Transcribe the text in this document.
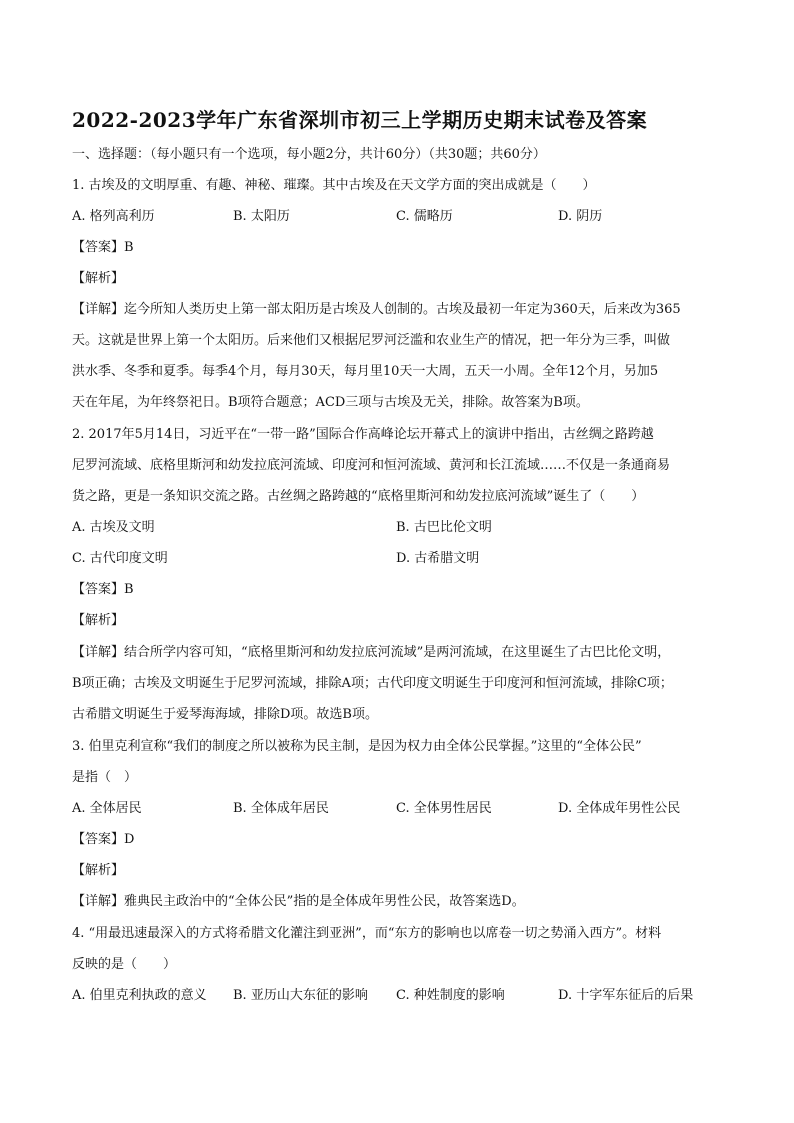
2022-2023学年广东省深圳市初三上学期历史期末试卷及答案
一、选择题：（每小题只有一个选项，每小题2分，共计60分）（共30题；共60分）
1. 古埃及的文明厚重、有趣、神秘、璀璨。其中古埃及在天文学方面的突出成就是（　　）
A. 格列高利历	B. 太阳历	C. 儒略历	D. 阴历
【答案】B
【解析】
【详解】迄今所知人类历史上第一部太阳历是古埃及人创制的。古埃及最初一年定为360天，后来改为365
天。这就是世界上第一个太阳历。后来他们又根据尼罗河泛滥和农业生产的情况，把一年分为三季，叫做
洪水季、冬季和夏季。每季4个月，每月30天，每月里10天一大周，五天一小周。全年12个月，另加5
天在年尾，为年终祭祀日。B项符合题意；ACD三项与古埃及无关，排除。故答案为B项。
2. 2017年5月14日，习近平在“一带一路”国际合作高峰论坛开幕式上的演讲中指出，古丝绸之路跨越
尼罗河流域、底格里斯河和幼发拉底河流域、印度河和恒河流域、黄河和长江流域……不仅是一条通商易
货之路，更是一条知识交流之路。古丝绸之路跨越的“底格里斯河和幼发拉底河流域”诞生了（　　）
A. 古埃及文明	B. 古巴比伦文明
C. 古代印度文明	D. 古希腊文明
【答案】B
【解析】
【详解】结合所学内容可知，“底格里斯河和幼发拉底河流域”是两河流域，在这里诞生了古巴比伦文明，
B项正确；古埃及文明诞生于尼罗河流域，排除A项；古代印度文明诞生于印度河和恒河流域，排除C项；
古希腊文明诞生于爱琴海海域，排除D项。故选B项。
3. 伯里克利宣称“我们的制度之所以被称为民主制，是因为权力由全体公民掌握。”这里的“全体公民”
是指（　）
A. 全体居民	B. 全体成年居民	C. 全体男性居民	D. 全体成年男性公民
【答案】D
【解析】
【详解】雅典民主政治中的“全体公民”指的是全体成年男性公民，故答案选D。
4. “用最迅速最深入的方式将希腊文化灌注到亚洲”，而“东方的影响也以席卷一切之势涌入西方”。材料
反映的是（　　）
A. 伯里克利执政的意义 B. 亚历山大东征的影响 C. 种姓制度的影响	D. 十字军东征后的后果
